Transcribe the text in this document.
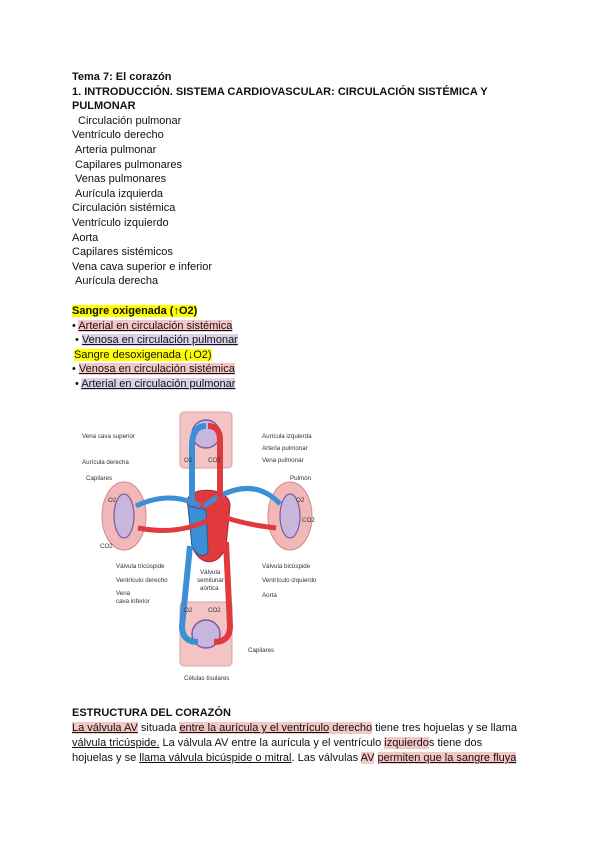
Tema 7: El corazón
1. INTRODUCCIÓN. SISTEMA CARDIOVASCULAR: CIRCULACIÓN SISTÉMICA Y
PULMONAR
Circulación pulmonar
Ventrículo derecho
Arteria pulmonar
Capilares pulmonares
Venas pulmonares
Aurícula izquierda
Circulación sistémica
Ventrículo izquierdo
Aorta
Capilares sistémicos
Vena cava superior e inferior
Aurícula derecha
Sangre oxigenada (↑O2)
• Arterial en circulación sistémica
• Venosa en circulación pulmonar
Sangre desoxigenada (↓O2)
• Venosa en circulación sistémica
• Arterial en circulación pulmonar
O2	CO2
O2	CO2
O2
CO2
O2
CO2
Vena cava superior
Aurícula derecha
Capilares
Válvula tricúspide
Ventrículo derecho
Vena
cava inferior
Válvula
semilunar
aórtica
Aurícula izquierda
Arteria pulmonar
Vena pulmonar
Pulmón
Válvula bicúspide
Ventrículo izquierdo
Aorta
Capilares
Células tisulares
ESTRUCTURA DEL CORAZÓN
La válvula AV situada entre la aurícula y el ventrículo derecho tiene tres hojuelas y se llama
válvula tricúspide. La válvula AV entre la aurícula y el ventrículo izquierdos tiene dos
hojuelas y se llama válvula bicúspide o mitral. Las válvulas AV permiten que la sangre fluya
